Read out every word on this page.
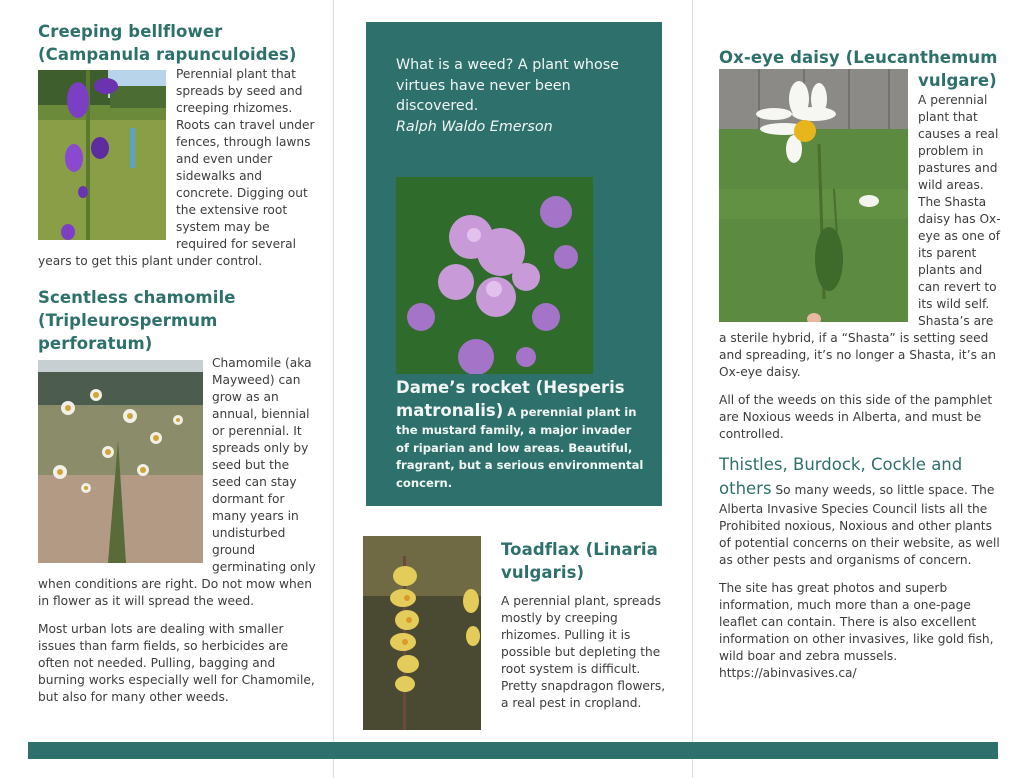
Creeping bellflower (Campanula rapunculoides)

Perennial plant that spreads by seed and creeping rhizomes. Roots can travel under fences, through lawns and even under sidewalks and concrete. Digging out the extensive root system may be required for several years to get this plant under control.

Scentless chamomile (Tripleurospermum perforatum)

Chamomile (aka Mayweed) can grow as an annual, biennial or perennial. It spreads only by seed but the seed can stay dormant for many years in undisturbed ground germinating only when conditions are right. Do not mow when in flower as it will spread the weed.

Most urban lots are dealing with smaller issues than farm fields, so herbicides are often not needed. Pulling, bagging and burning works especially well for Chamomile, but also for many other weeds.

What is a weed? A plant whose virtues have never been discovered.
Ralph Waldo Emerson
Dame’s rocket (Hesperis matronalis) A perennial plant in the mustard family, a major invader of riparian and low areas. Beautiful, fragrant, but a serious environmental concern.
Toadflax (Linaria vulgaris)

A perennial plant, spreads mostly by creeping rhizomes. Pulling it is possible but depleting the root system is difficult. Pretty snapdragon flowers, a real pest in cropland.

Ox-eye daisy (Leucanthemum
vulgare)

A perennial plant that causes a real problem in pastures and wild areas. The Shasta daisy has Ox-eye as one of its parent plants and can revert to its wild self. Shasta’s are a sterile hybrid, if a “Shasta” is setting seed and spreading, it’s no longer a Shasta, it’s an Ox-eye daisy.

All of the weeds on this side of the pamphlet are Noxious weeds in Alberta, and must be controlled.

Thistles, Burdock, Cockle and others So many weeds, so little space. The Alberta Invasive Species Council lists all the Prohibited noxious, Noxious and other plants of potential concerns on their website, as well as other pests and organisms of concern.

The site has great photos and superb information, much more than a one-page leaflet can contain. There is also excellent information on other invasives, like gold fish, wild boar and zebra mussels.
https://abinvasives.ca/
